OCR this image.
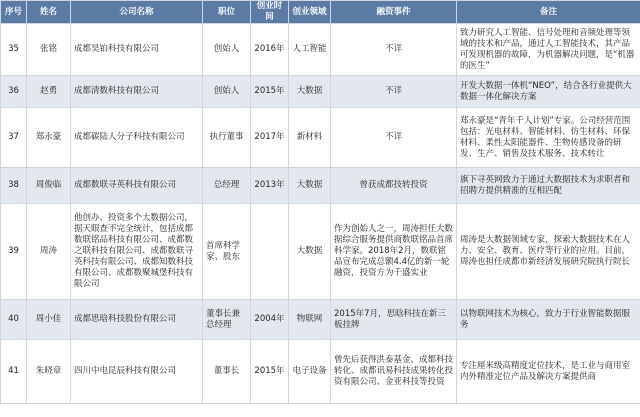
序号	姓名	公司名称	职位	创业时间	创业领域	融资事件	备注
35	张铭	成都昊铂科技有限公司	创始人	2016年	人工智能	不详	致力研究人工智能、信号处理和音频处理等领域的技术和产品，通过人工智能技术，其产品可发现机器的故障，为机器解决问题，是“机器的医生”
36	赵勇	成都清数科技有限公司	创始人	2015年	大数据	不详	开发大数据一体机“NEO”，结合各行业提供大数据一体化解决方案
37	郑永豪	成都碳陆人分子科技有限公司	执行董事	2017年	新材料	不详	郑永豪是“青年千人计划”专家。公司经营范围包括：光电材料、智能材料、仿生材料、环保材料、柔性太阳能器件、生物传感设备的研发、生产、销售及技术服务、技术转让
38	周俊临	成都数联寻英科技有限公司	总经理	2013年	大数据	曾获成都技转投资	旗下寻英网致力于通过大数据技术为求职者和招聘方提供精准的互相匹配
39	周涛	他创办、投资多个大数据公司，据天眼查不完全统计，包括成都数联铭品科技有限公司、成都数之联科技有限公司、成都数联寻英科技有限公司、成都知数科技有限公司、成都数聚城堡科技有限公司	首席科学家、股东		大数据	作为创始人之一，周涛担任大数据综合服务提供商数联铭品首席科学家。2018年2月，数联铭品宣布完成总额4.4亿的新一轮融资，投资方为千盛实业	周涛是大数据领域专家，探索大数据技术在人力、安全、教育、医疗等行业的应用。目前，周涛也担任成都市新经济发展研究院执行院长
40	周小佳	成都思晗科技股份有限公司	董事长兼总经理	2004年	物联网	2015年7月，思晗科技在新三板挂牌	以物联网技术为核心，致力于行业智能数据服务
41	朱晓章	四川中电昆辰科技有限公司	董事长	2015年	电子设备	曾先后获得洪泰基金、成都科技转化、成都讯易科技成果转化投资有限公司、金亚科技等投资	专注厘米级高精度定位技术，是工业与商用室内外精准定位产品及解决方案提供商
